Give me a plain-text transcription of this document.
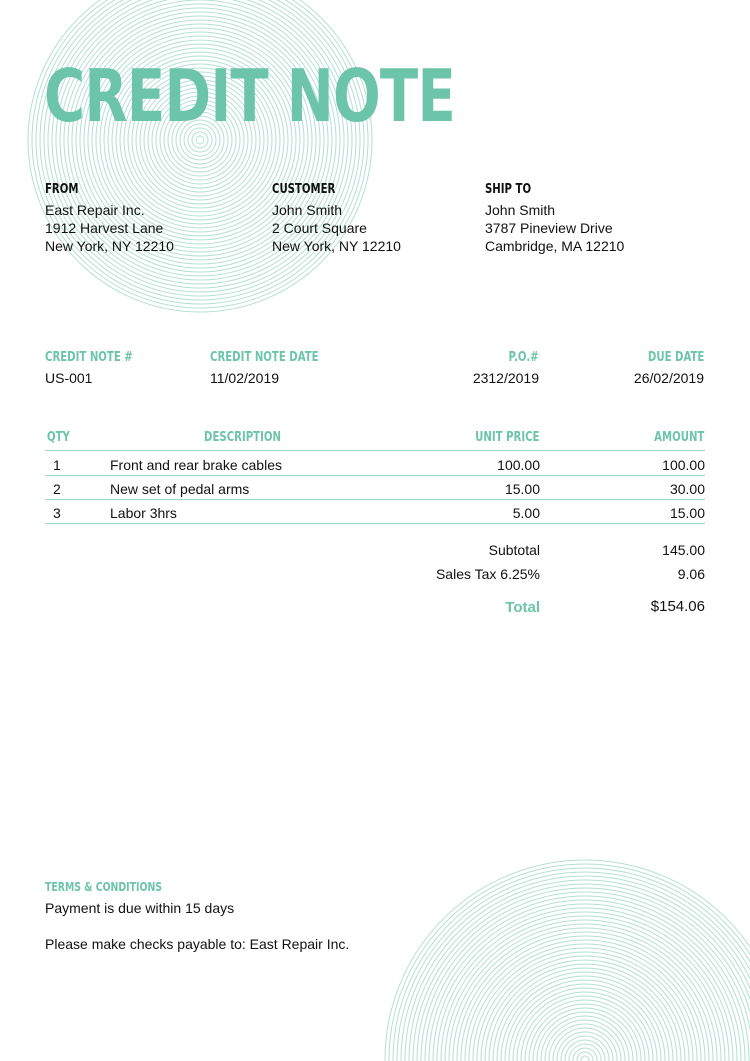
CREDIT NOTE
FROM
East Repair Inc.
1912 Harvest Lane
New York, NY 12210
CUSTOMER
John Smith
2 Court Square
New York, NY 12210
SHIP TO
John Smith
3787 Pineview Drive
Cambridge, MA 12210
CREDIT NOTE #
US-001
CREDIT NOTE DATE
11/02/2019
P.O.#
2312/2019
DUE DATE
26/02/2019
QTY	DESCRIPTION	UNIT PRICE	AMOUNT
1	Front and rear brake cables	100.00	100.00
2	New set of pedal arms	15.00	30.00
3	Labor 3hrs	5.00	15.00
Subtotal	145.00
Sales Tax 6.25%	9.06
Total	$154.06
TERMS & CONDITIONS
Payment is due within 15 days
Please make checks payable to: East Repair Inc.
